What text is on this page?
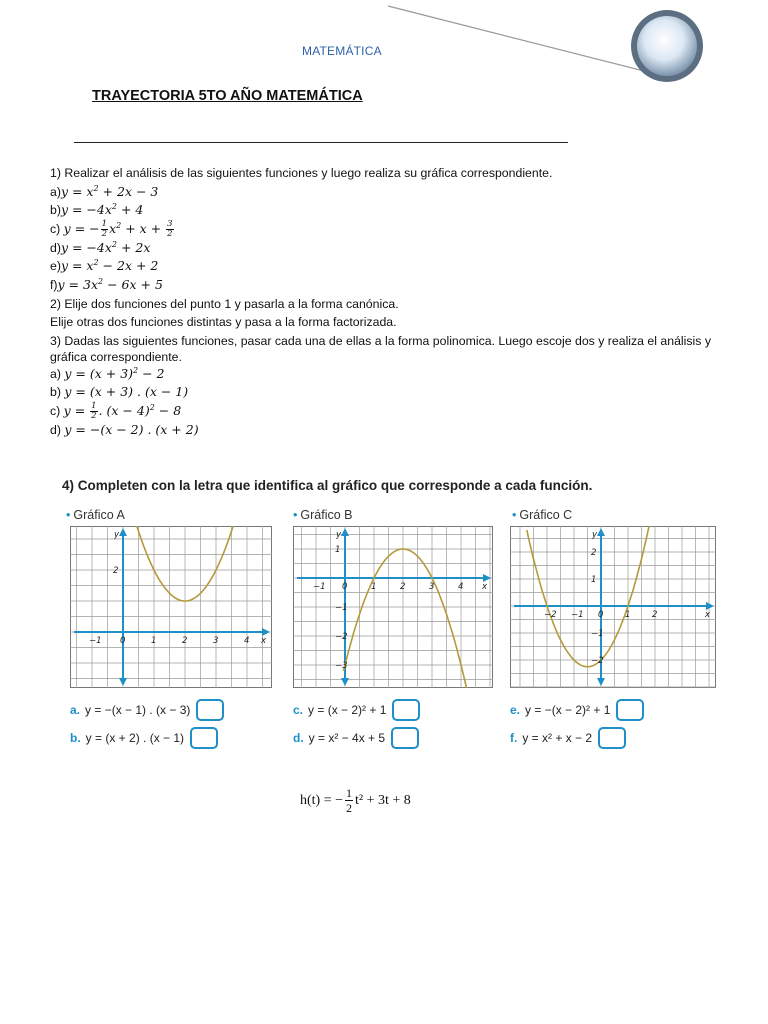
MATEMÁTICA
TRAYECTORIA 5TO AÑO MATEMÁTICA
1) Realizar el análisis de las siguientes funciones y luego realiza su gráfica correspondiente.
$a)y = x^2 + 2x - 3$
$b)y = -4x^2 + 4$
c) y = − $\frac{1}{2} x^2 + x + \frac{3}{2}$
$d)y = -4x^2 + 2x$
$e)y = x^2 - 2x + 2$
$f)y = 3x^2 - 6x + 5$
2) Elije dos funciones del punto 1 y pasarla a la forma canónica.
Elije otras dos funciones distintas y pasa a la forma factorizada.
3) Dadas las siguientes funciones, pasar cada una de ellas a la forma polinomica. Luego escoje dos y realiza el análisis y gráfica correspondiente.
a) $y = (x + 3)^2 - 2$
b) y = (x + 3) . (x − 1)
c) $y = \frac{1}{2}$ . $(x - 4)^2 - 8$
d) y = −(x − 2) . (x + 2)
4) Completen con la letra que identifica al gráfico que corresponde a cada función.
• Gráfico A	• Gráfico B	• Gráfico C
−1 0	1	2	3	4
2
x
y
−1 0	1	2	3	4
1
−1
−2
−3
x
y
−2 −1 0	1	2
2
1
−1
−2
x
y
a. y = −(x − 1) . (x − 3)
b. y = (x + 2) . (x − 1)
c. y = (x − 2)² + 1
d. y = x² − 4x + 5
e. y = −(x − 2)² + 1
f. y = x² + x − 2
h(t) = − $\frac{1}{2} t^2 + 3t + 8$
